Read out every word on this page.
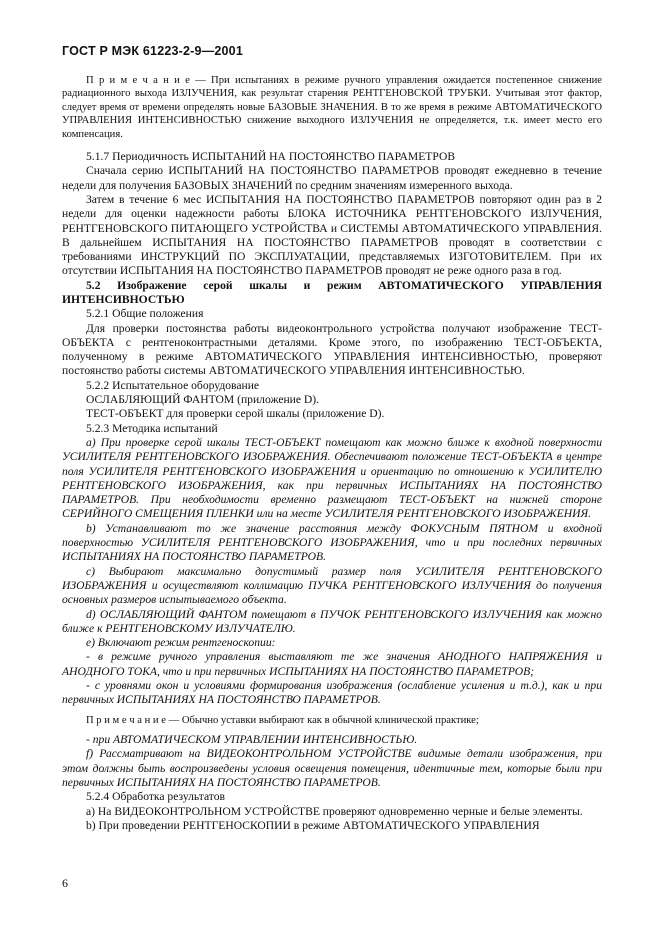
ГОСТ Р МЭК 61223-2-9—2001

П р и м е ч а н и е — При испытаниях в режиме ручного управления ожидается постепенное снижение радиационного выхода ИЗЛУЧЕНИЯ, как результат старения РЕНТГЕНОВСКОЙ ТРУБКИ. Учитывая этот фактор, следует время от времени определять новые БАЗОВЫЕ ЗНАЧЕНИЯ. В то же время в режиме АВТОМАТИЧЕСКОГО УПРАВЛЕНИЯ ИНТЕНСИВНОСТЬЮ снижение выходного ИЗЛУЧЕНИЯ не определяется, т.к. имеет место его компенсация.

5.1.7 Периодичность ИСПЫТАНИЙ НА ПОСТОЯНСТВО ПАРАМЕТРОВ

Сначала серию ИСПЫТАНИЙ НА ПОСТОЯНСТВО ПАРАМЕТРОВ проводят ежедневно в течение недели для получения БАЗОВЫХ ЗНАЧЕНИЙ по средним значениям измеренного выхода.

Затем в течение 6 мес ИСПЫТАНИЯ НА ПОСТОЯНСТВО ПАРАМЕТРОВ повторяют один раз в 2 недели для оценки надежности работы БЛОКА ИСТОЧНИКА РЕНТГЕНОВСКОГО ИЗЛУЧЕНИЯ, РЕНТГЕНОВСКОГО ПИТАЮЩЕГО УСТРОЙСТВА и СИСТЕМЫ АВТОМАТИЧЕСКОГО УПРАВЛЕНИЯ. В дальнейшем ИСПЫТАНИЯ НА ПОСТОЯНСТВО ПАРАМЕТРОВ проводят в соответствии с требованиями ИНСТРУКЦИЙ ПО ЭКСПЛУАТАЦИИ, представляемых ИЗГОТОВИТЕЛЕМ. При их отсутствии ИСПЫТАНИЯ НА ПОСТОЯНСТВО ПАРАМЕТРОВ проводят не реже одного раза в год.

5.2 Изображение серой шкалы и режим АВТОМАТИЧЕСКОГО УПРАВЛЕНИЯ ИНТЕНСИВНОСТЬЮ

5.2.1 Общие положения

Для проверки постоянства работы видеоконтрольного устройства получают изображение ТЕСТ-ОБЪЕКТА с рентгеноконтрастными деталями. Кроме этого, по изображению ТЕСТ-ОБЪЕКТА, полученному в режиме АВТОМАТИЧЕСКОГО УПРАВЛЕНИЯ ИНТЕНСИВНОСТЬЮ, проверяют постоянство работы системы АВТОМАТИЧЕСКОГО УПРАВЛЕНИЯ ИНТЕНСИВНОСТЬЮ.

5.2.2 Испытательное оборудование

ОСЛАБЛЯЮЩИЙ ФАНТОМ (приложение D).

ТЕСТ-ОБЪЕКТ для проверки серой шкалы (приложение D).

5.2.3 Методика испытаний

a) При проверке серой шкалы ТЕСТ-ОБЪЕКТ помещают как можно ближе к входной поверхности УСИЛИТЕЛЯ РЕНТГЕНОВСКОГО ИЗОБРАЖЕНИЯ. Обеспечивают положение ТЕСТ-ОБЪЕКТА в центре поля УСИЛИТЕЛЯ РЕНТГЕНОВСКОГО ИЗОБРАЖЕНИЯ и ориентацию по отношению к УСИЛИТЕЛЮ РЕНТГЕНОВСКОГО ИЗОБРАЖЕНИЯ, как при первичных ИСПЫТАНИЯХ НА ПОСТОЯНСТВО ПАРАМЕТРОВ. При необходимости временно размещают ТЕСТ-ОБЪЕКТ на нижней стороне СЕРИЙНОГО СМЕЩЕНИЯ ПЛЕНКИ или на месте УСИЛИТЕЛЯ РЕНТГЕНОВСКОГО ИЗОБРАЖЕНИЯ.

b) Устанавливают то же значение расстояния между ФОКУСНЫМ ПЯТНОМ и входной поверхностью УСИЛИТЕЛЯ РЕНТГЕНОВСКОГО ИЗОБРАЖЕНИЯ, что и при последних первичных ИСПЫТАНИЯХ НА ПОСТОЯНСТВО ПАРАМЕТРОВ.

c) Выбирают максимально допустимый размер поля УСИЛИТЕЛЯ РЕНТГЕНОВСКОГО ИЗОБРАЖЕНИЯ и осуществляют коллимацию ПУЧКА РЕНТГЕНОВСКОГО ИЗЛУЧЕНИЯ до получения основных размеров испытываемого объекта.

d) ОСЛАБЛЯЮЩИЙ ФАНТОМ помещают в ПУЧОК РЕНТГЕНОВСКОГО ИЗЛУЧЕНИЯ как можно ближе к РЕНТГЕНОВСКОМУ ИЗЛУЧАТЕЛЮ.

e) Включают режим рентгеноскопии:

- в режиме ручного управления выставляют те же значения АНОДНОГО НАПРЯЖЕНИЯ и АНОДНОГО ТОКА, что и при первичных ИСПЫТАНИЯХ НА ПОСТОЯНСТВО ПАРАМЕТРОВ;

- с уровнями окон и условиями формирования изображения (ослабление усиления и т.д.), как и при первичных ИСПЫТАНИЯХ НА ПОСТОЯНСТВО ПАРАМЕТРОВ.

П р и м е ч а н и е — Обычно уставки выбирают как в обычной клинической практике;

- при АВТОМАТИЧЕСКОМ УПРАВЛЕНИИ ИНТЕНСИВНОСТЬЮ.

f) Рассматривают на ВИДЕОКОНТРОЛЬНОМ УСТРОЙСТВЕ видимые детали изображения, при этом должны быть воспроизведены условия освещения помещения, идентичные тем, которые были при первичных ИСПЫТАНИЯХ НА ПОСТОЯНСТВО ПАРАМЕТРОВ.

5.2.4 Обработка результатов

a) На ВИДЕОКОНТРОЛЬНОМ УСТРОЙСТВЕ проверяют одновременно черные и белые элементы.

b) При проведении РЕНТГЕНОСКОПИИ в режиме АВТОМАТИЧЕСКОГО УПРАВЛЕНИЯ

6
